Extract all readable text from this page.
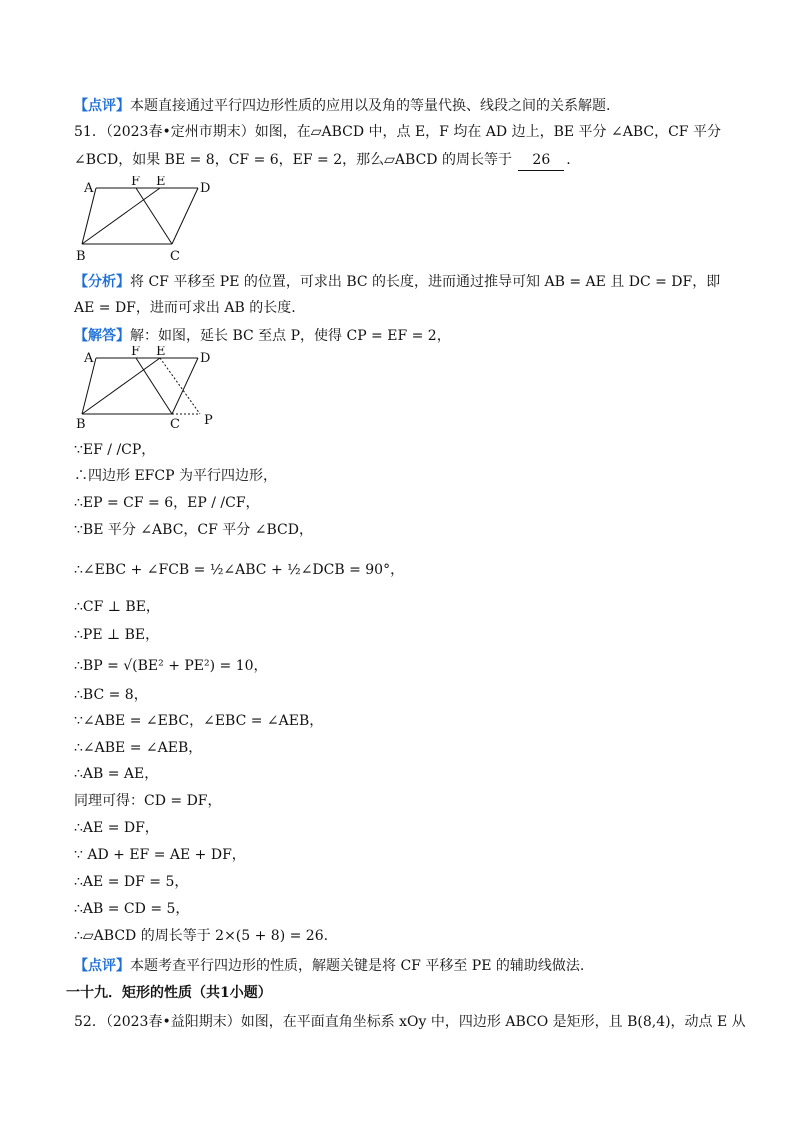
【点评】本题直接通过平行四边形性质的应用以及角的等量代换、线段之间的关系解题.
51．（2023春•定州市期末）如图，在▱ABCD 中，点 E，F 均在 AD 边上，BE 平分 ∠ABC，CF 平分
∠BCD，如果 BE = 8，CF = 6，EF = 2，那么▱ABCD 的周长等于 26 .
A	F E	D
B	C
【分析】将 CF 平移至 PE 的位置，可求出 BC 的长度，进而通过推导可知 AB = AE 且 DC = DF，即
AE = DF，进而可求出 AB 的长度.
【解答】解：如图，延长 BC 至点 P，使得 CP = EF = 2，
A	F E	D
B	C P
∵EF / /CP，
∴四边形 EFCP 为平行四边形，
∴EP = CF = 6，EP / /CF，
∵BE 平分 ∠ABC，CF 平分 ∠BCD，
∴∠EBC + ∠FCB = ½∠ABC + ½∠DCB = 90°，
∴CF ⊥ BE，
∴PE ⊥ BE，
∴BP = √(BE² + PE²) = 10，
∴BC = 8，
∵∠ABE = ∠EBC，∠EBC = ∠AEB，
∴∠ABE = ∠AEB，
∴AB = AE，
同理可得：CD = DF，
∴AE = DF，
∵ AD + EF = AE + DF，
∴AE = DF = 5，
∴AB = CD = 5，
∴▱ABCD 的周长等于 2×(5 + 8) = 26.
【点评】本题考查平行四边形的性质，解题关键是将 CF 平移至 PE 的辅助线做法.
一十九．矩形的性质（共1小题）
52．（2023春•益阳期末）如图，在平面直角坐标系 xOy 中，四边形 ABCO 是矩形，且 B(8,4)，动点 E 从
